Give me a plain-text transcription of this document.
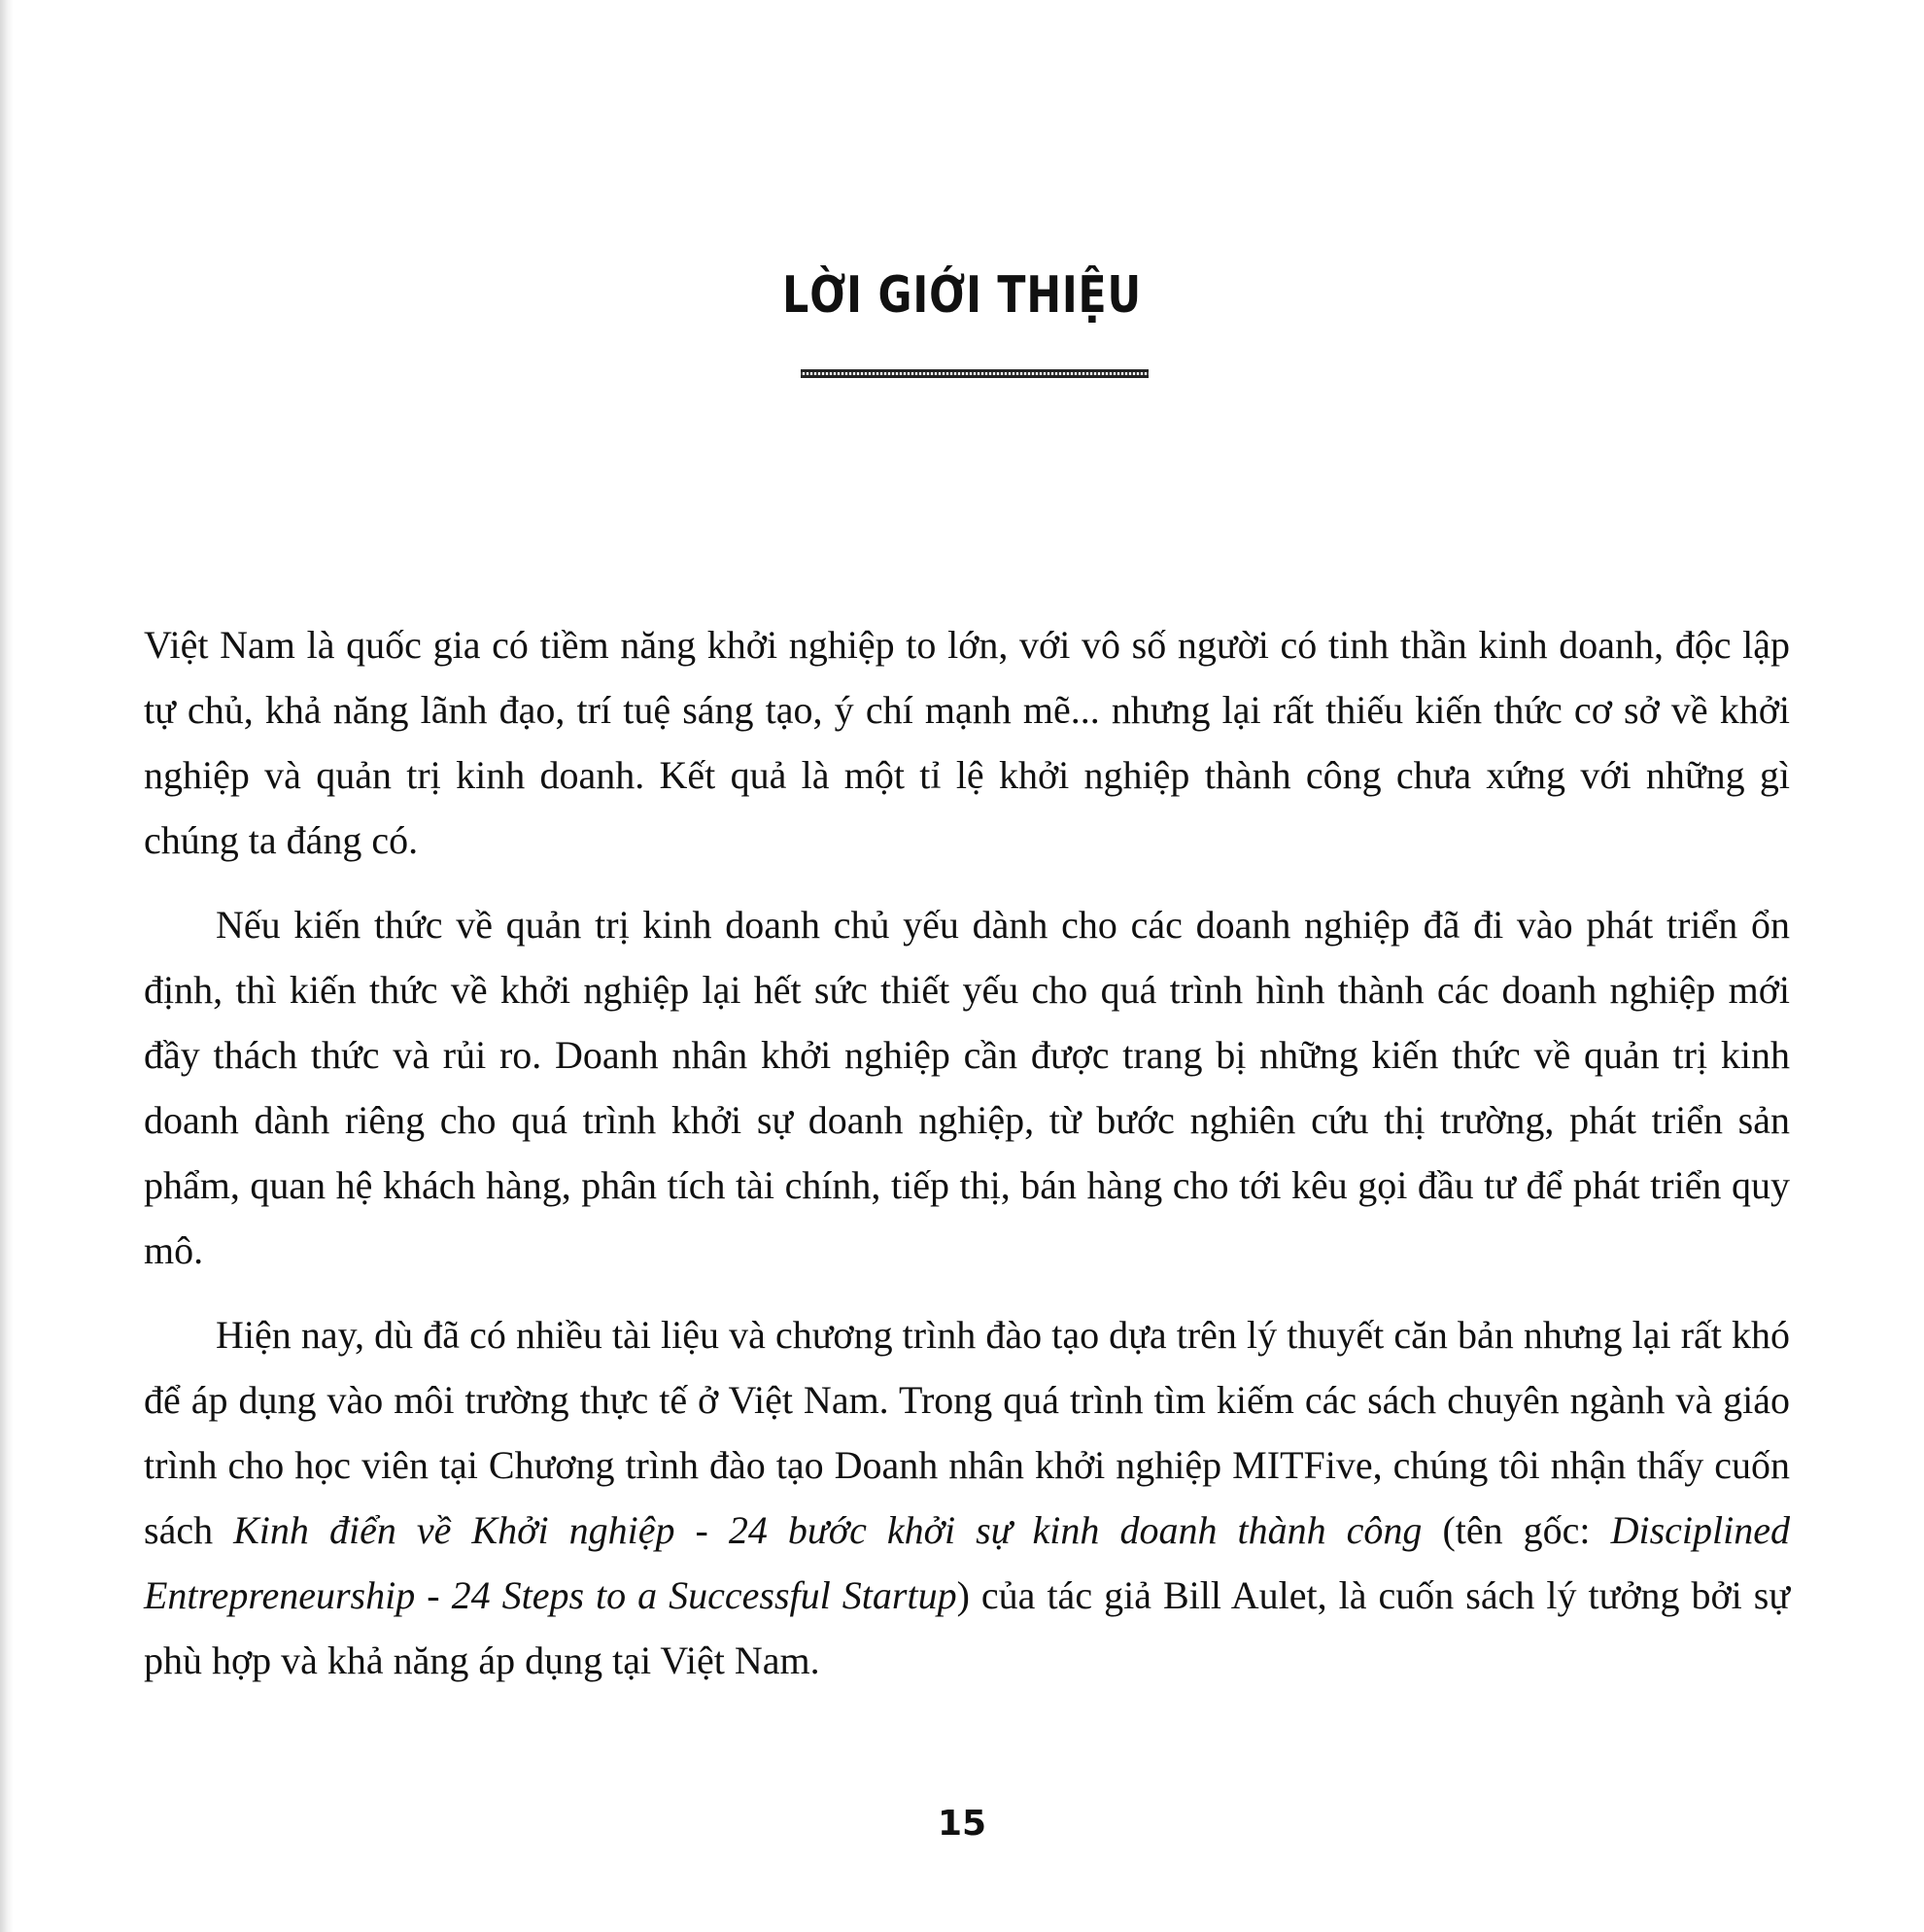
LỜI GIỚI THIỆU

Việt Nam là quốc gia có tiềm năng khởi nghiệp to lớn, với vô số người có tinh thần kinh doanh, độc lập tự chủ, khả năng lãnh đạo, trí tuệ sáng tạo, ý chí mạnh mẽ... nhưng lại rất thiếu kiến thức cơ sở về khởi nghiệp và quản trị kinh doanh. Kết quả là một tỉ lệ khởi nghiệp thành công chưa xứng với những gì chúng ta đáng có.

Nếu kiến thức về quản trị kinh doanh chủ yếu dành cho các doanh nghiệp đã đi vào phát triển ổn định, thì kiến thức về khởi nghiệp lại hết sức thiết yếu cho quá trình hình thành các doanh nghiệp mới đầy thách thức và rủi ro. Doanh nhân khởi nghiệp cần được trang bị những kiến thức về quản trị kinh doanh dành riêng cho quá trình khởi sự doanh nghiệp, từ bước nghiên cứu thị trường, phát triển sản phẩm, quan hệ khách hàng, phân tích tài chính, tiếp thị, bán hàng cho tới kêu gọi đầu tư để phát triển quy mô.

Hiện nay, dù đã có nhiều tài liệu và chương trình đào tạo dựa trên lý thuyết căn bản nhưng lại rất khó để áp dụng vào môi trường thực tế ở Việt Nam. Trong quá trình tìm kiếm các sách chuyên ngành và giáo trình cho học viên tại Chương trình đào tạo Doanh nhân khởi nghiệp MITFive, chúng tôi nhận thấy cuốn sách Kinh điển về Khởi nghiệp - 24 bước khởi sự kinh doanh thành công (tên gốc: Disciplined Entrepreneurship - 24 Steps to a Successful Startup) của tác giả Bill Aulet, là cuốn sách lý tưởng bởi sự phù hợp và khả năng áp dụng tại Việt Nam.

15
